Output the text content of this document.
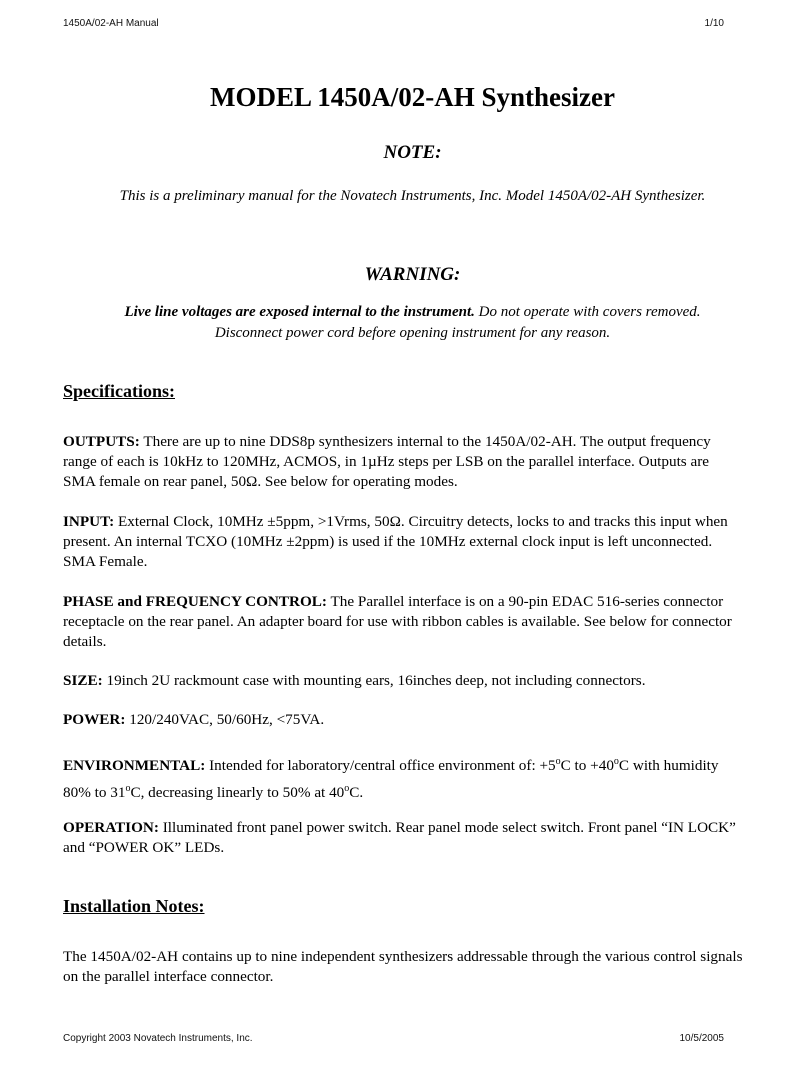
1450A/02-AH Manual	1/10
MODEL 1450A/02-AH Synthesizer
NOTE:
This is a preliminary manual for the Novatech Instruments, Inc. Model 1450A/02-AH Synthesizer.
WARNING:
Live line voltages are exposed internal to the instrument. Do not operate with covers removed. Disconnect power cord before opening instrument for any reason.
Specifications:

OUTPUTS: There are up to nine DDS8p synthesizers internal to the 1450A/02-AH. The output frequency range of each is 10kHz to 120MHz, ACMOS, in 1µHz steps per LSB on the parallel interface. Outputs are SMA female on rear panel, 50Ω. See below for operating modes.

INPUT: External Clock, 10MHz ±5ppm, >1Vrms, 50Ω. Circuitry detects, locks to and tracks this input when present. An internal TCXO (10MHz ±2ppm) is used if the 10MHz external clock input is left unconnected. SMA Female.

PHASE and FREQUENCY CONTROL: The Parallel interface is on a 90-pin EDAC 516-series connector receptacle on the rear panel. An adapter board for use with ribbon cables is available. See below for connector details.

SIZE: 19inch 2U rackmount case with mounting ears, 16inches deep, not including connectors.

POWER: 120/240VAC, 50/60Hz, <75VA.

ENVIRONMENTAL: Intended for laboratory/central office environment of: $+5^oC$ to $+40^oC$ with humidity 80% to 31$^o$C, decreasing linearly to 50% at 40$^o$C.

OPERATION: Illuminated front panel power switch. Rear panel mode select switch. Front panel “IN LOCK” and “POWER OK” LEDs.

Installation Notes:

The 1450A/02-AH contains up to nine independent synthesizers addressable through the various control signals on the parallel interface connector.

Copyright 2003 Novatech Instruments, Inc.	10/5/2005
